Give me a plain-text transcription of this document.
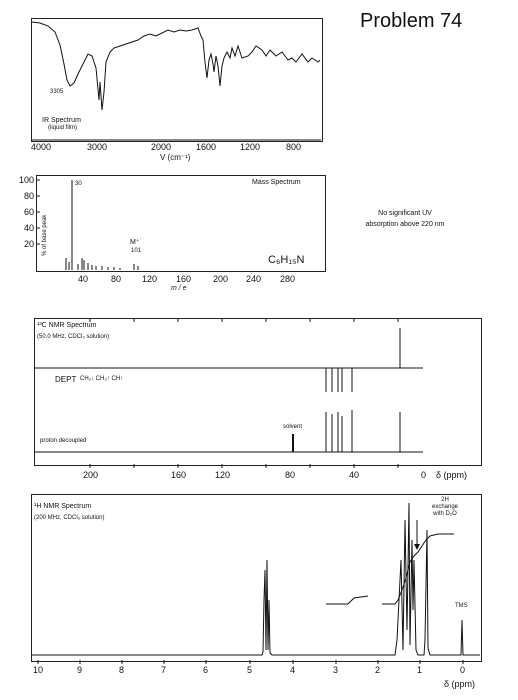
Problem 74
3305
IR Spectrum
(liquid film)
4000	3000	2000	1600	1200	800
V (cm⁻¹)
100
80
60
40
20 % of base peak
30	Mass Spectrum
M⁺˙
101
C₆H₁₅N
40	80 120 160 200 240 280
m / e
No significant UV
absorption above 220 nm
¹³C NMR Spectrum
(50.0 MHz, CDCl₃ solution)
DEPT CH₂↓ CH₃↑ CH↑
solvent
proton decoupled
200	160	120	80	40	0 δ (ppm)
¹H NMR Spectrum
(200 MHz, CDCl₃ solution)
2H
exchange
with D₂O
TMS
10	9	8	7	6	5	4	3	2	1	0
δ (ppm)
